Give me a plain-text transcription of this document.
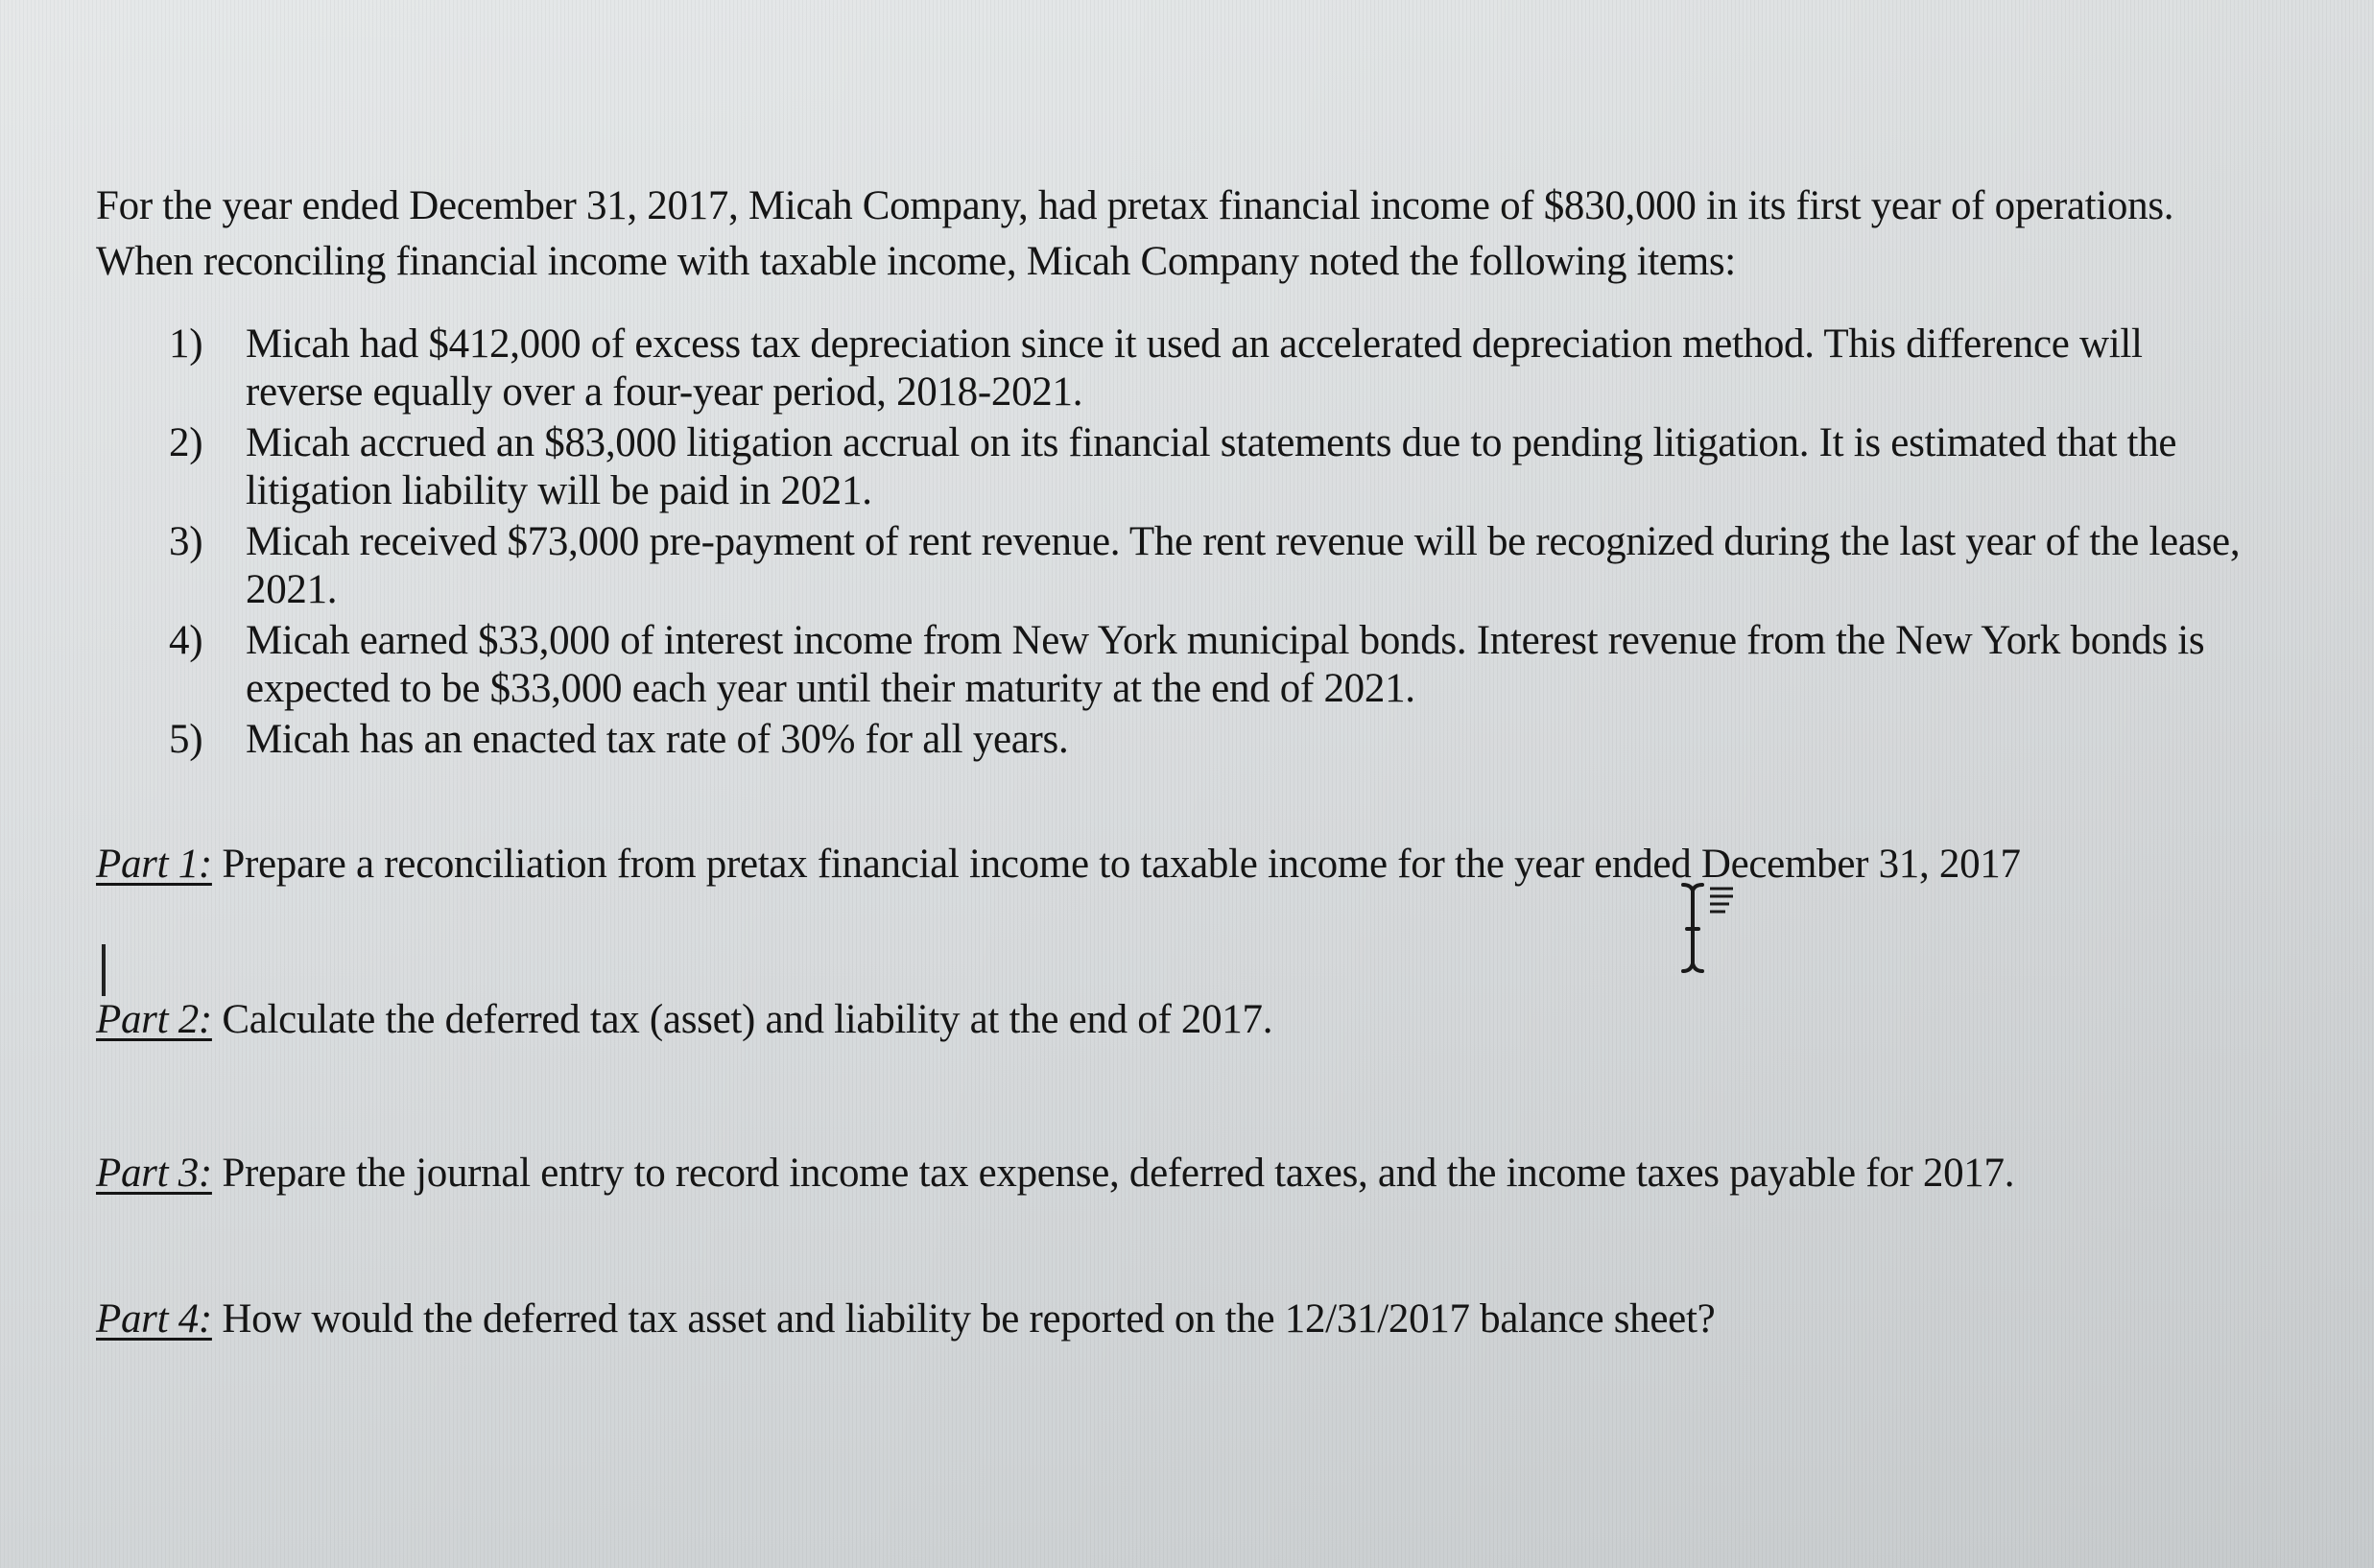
For the year ended December 31, 2017, Micah Company, had pretax financial income of $830,000 in its first year of operations. When reconciling financial income with taxable income, Micah Company noted the following items:

1) Micah had $412,000 of excess tax depreciation since it used an accelerated depreciation method. This difference will reverse equally over a four-year period, 2018-2021.
2) Micah accrued an $83,000 litigation accrual on its financial statements due to pending litigation. It is estimated that the litigation liability will be paid in 2021.
3) Micah received $73,000 pre-payment of rent revenue. The rent revenue will be recognized during the last year of the lease, 2021.
4) Micah earned $33,000 of interest income from New York municipal bonds. Interest revenue from the New York bonds is expected to be $33,000 each year until their maturity at the end of 2021.
5) Micah has an enacted tax rate of 30% for all years.
Part 1: Prepare a reconciliation from pretax financial income to taxable income for the year ended December 31, 2017
Part 2: Calculate the deferred tax (asset) and liability at the end of 2017.
Part 3: Prepare the journal entry to record income tax expense, deferred taxes, and the income taxes payable for 2017.
Part 4: How would the deferred tax asset and liability be reported on the 12/31/2017 balance sheet?
